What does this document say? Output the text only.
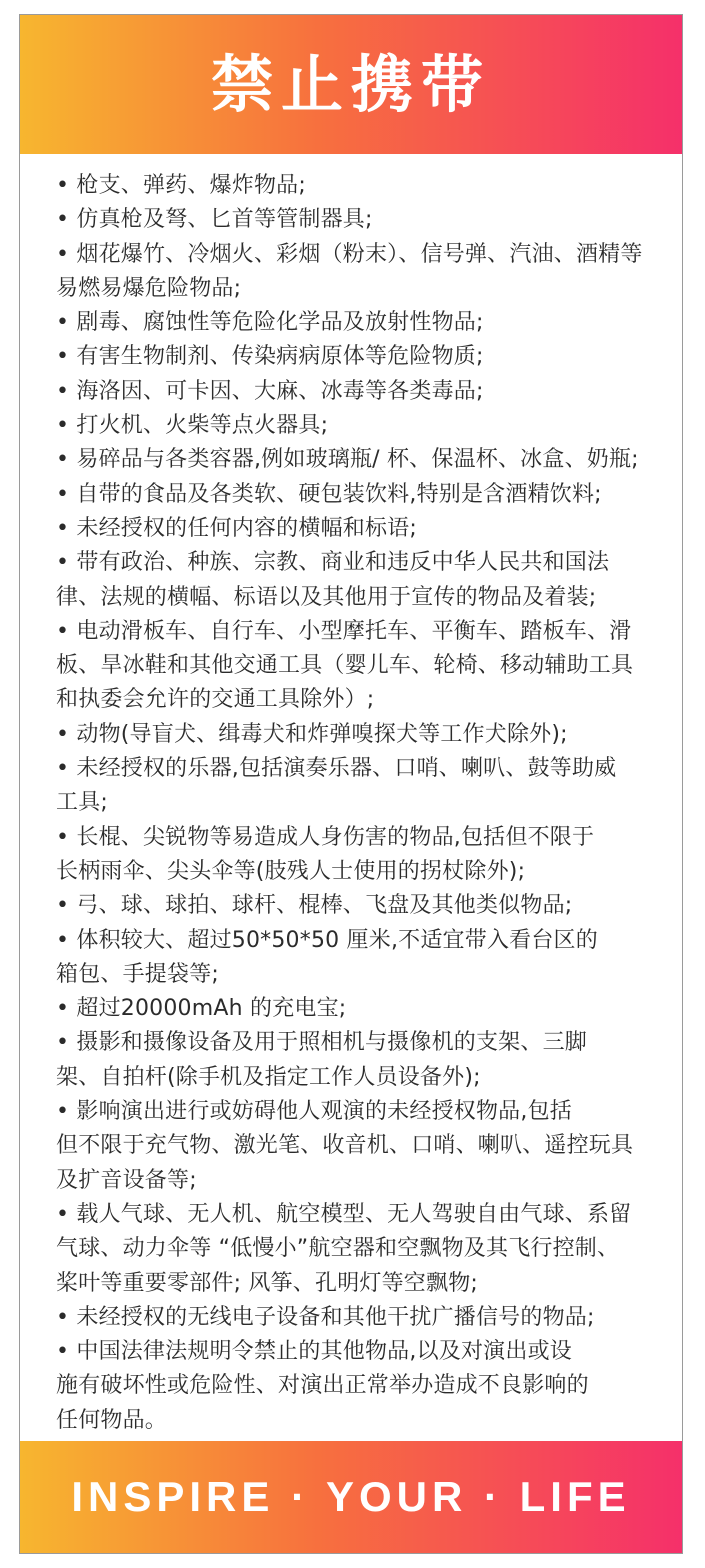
禁止携带

• 枪支、弹药、爆炸物品;

• 仿真枪及弩、匕首等管制器具;

• 烟花爆竹、冷烟火、彩烟（粉末）、信号弹、汽油、酒精等

易燃易爆危险物品;

• 剧毒、腐蚀性等危险化学品及放射性物品;

• 有害生物制剂、传染病病原体等危险物质;

• 海洛因、可卡因、大麻、冰毒等各类毒品;

• 打火机、火柴等点火器具;

• 易碎品与各类容器,例如玻璃瓶/ 杯、保温杯、冰盒、奶瓶;

• 自带的食品及各类软、硬包装饮料,特别是含酒精饮料;

• 未经授权的任何内容的横幅和标语;

• 带有政治、种族、宗教、商业和违反中华人民共和国法

律、法规的横幅、标语以及其他用于宣传的物品及着装;

• 电动滑板车、自行车、小型摩托车、平衡车、踏板车、滑

板、旱冰鞋和其他交通工具（婴儿车、轮椅、移动辅助工具

和执委会允许的交通工具除外）;

• 动物(导盲犬、缉毒犬和炸弹嗅探犬等工作犬除外);

• 未经授权的乐器,包括演奏乐器、口哨、喇叭、鼓等助威

工具;

• 长棍、尖锐物等易造成人身伤害的物品,包括但不限于

长柄雨伞、尖头伞等(肢残人士使用的拐杖除外);

• 弓、球、球拍、球杆、棍棒、飞盘及其他类似物品;

• 体积较大、超过50*50*50 厘米,不适宜带入看台区的

箱包、手提袋等;

• 超过20000mAh 的充电宝;

• 摄影和摄像设备及用于照相机与摄像机的支架、三脚

架、自拍杆(除手机及指定工作人员设备外);

• 影响演出进行或妨碍他人观演的未经授权物品,包括

但不限于充气物、激光笔、收音机、口哨、喇叭、遥控玩具

及扩音设备等;

• 载人气球、无人机、航空模型、无人驾驶自由气球、系留

气球、动力伞等 “低慢小”航空器和空飘物及其飞行控制、

桨叶等重要零部件; 风筝、孔明灯等空飘物;

• 未经授权的无线电子设备和其他干扰广播信号的物品;

• 中国法律法规明令禁止的其他物品,以及对演出或设

施有破坏性或危险性、对演出正常举办造成不良影响的

任何物品。

INSPIRE · YOUR · LIFE
